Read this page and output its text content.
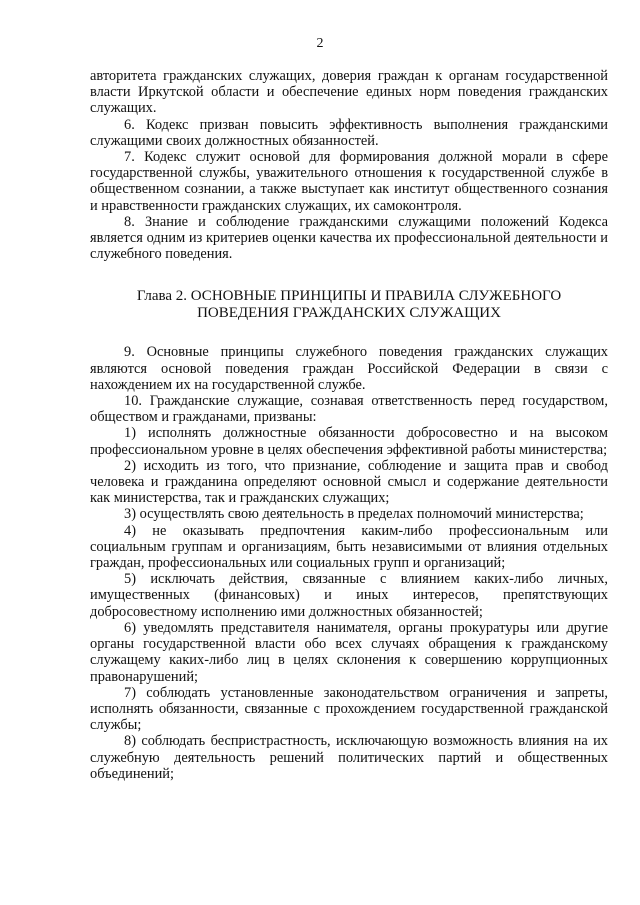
2

авторитета гражданских служащих, доверия граждан к органам государственной власти Иркутской области и обеспечение единых норм поведения гражданских служащих.

6. Кодекс призван повысить эффективность выполнения гражданскими служащими своих должностных обязанностей.

7. Кодекс служит основой для формирования должной морали в сфере государственной службы, уважительного отношения к государственной службе в общественном сознании, а также выступает как институт общественного сознания и нравственности гражданских служащих, их самоконтроля.

8. Знание и соблюдение гражданскими служащими положений Кодекса является одним из критериев оценки качества их профессиональной деятельности и служебного поведения.

Глава 2. ОСНОВНЫЕ ПРИНЦИПЫ И ПРАВИЛА СЛУЖЕБНОГО
ПОВЕДЕНИЯ ГРАЖДАНСКИХ СЛУЖАЩИХ

9. Основные принципы служебного поведения гражданских служащих являются основой поведения граждан Российской Федерации в связи с нахождением их на государственной службе.

10. Гражданские служащие, сознавая ответственность перед государством, обществом и гражданами, призваны:

1) исполнять должностные обязанности добросовестно и на высоком профессиональном уровне в целях обеспечения эффективной работы министерства;

2) исходить из того, что признание, соблюдение и защита прав и свобод человека и гражданина определяют основной смысл и содержание деятельности как министерства, так и гражданских служащих;

3) осуществлять свою деятельность в пределах полномочий министерства;

4) не оказывать предпочтения каким-либо профессиональным или социальным группам и организациям, быть независимыми от влияния отдельных граждан, профессиональных или социальных групп и организаций;

5) исключать действия, связанные с влиянием каких-либо личных, имущественных (финансовых) и иных интересов, препятствующих добросовестному исполнению ими должностных обязанностей;

6) уведомлять представителя нанимателя, органы прокуратуры или другие органы государственной власти обо всех случаях обращения к гражданскому служащему каких-либо лиц в целях склонения к совершению коррупционных правонарушений;

7) соблюдать установленные законодательством ограничения и запреты, исполнять обязанности, связанные с прохождением государственной гражданской службы;

8) соблюдать беспристрастность, исключающую возможность влияния на их служебную деятельность решений политических партий и общественных объединений;
